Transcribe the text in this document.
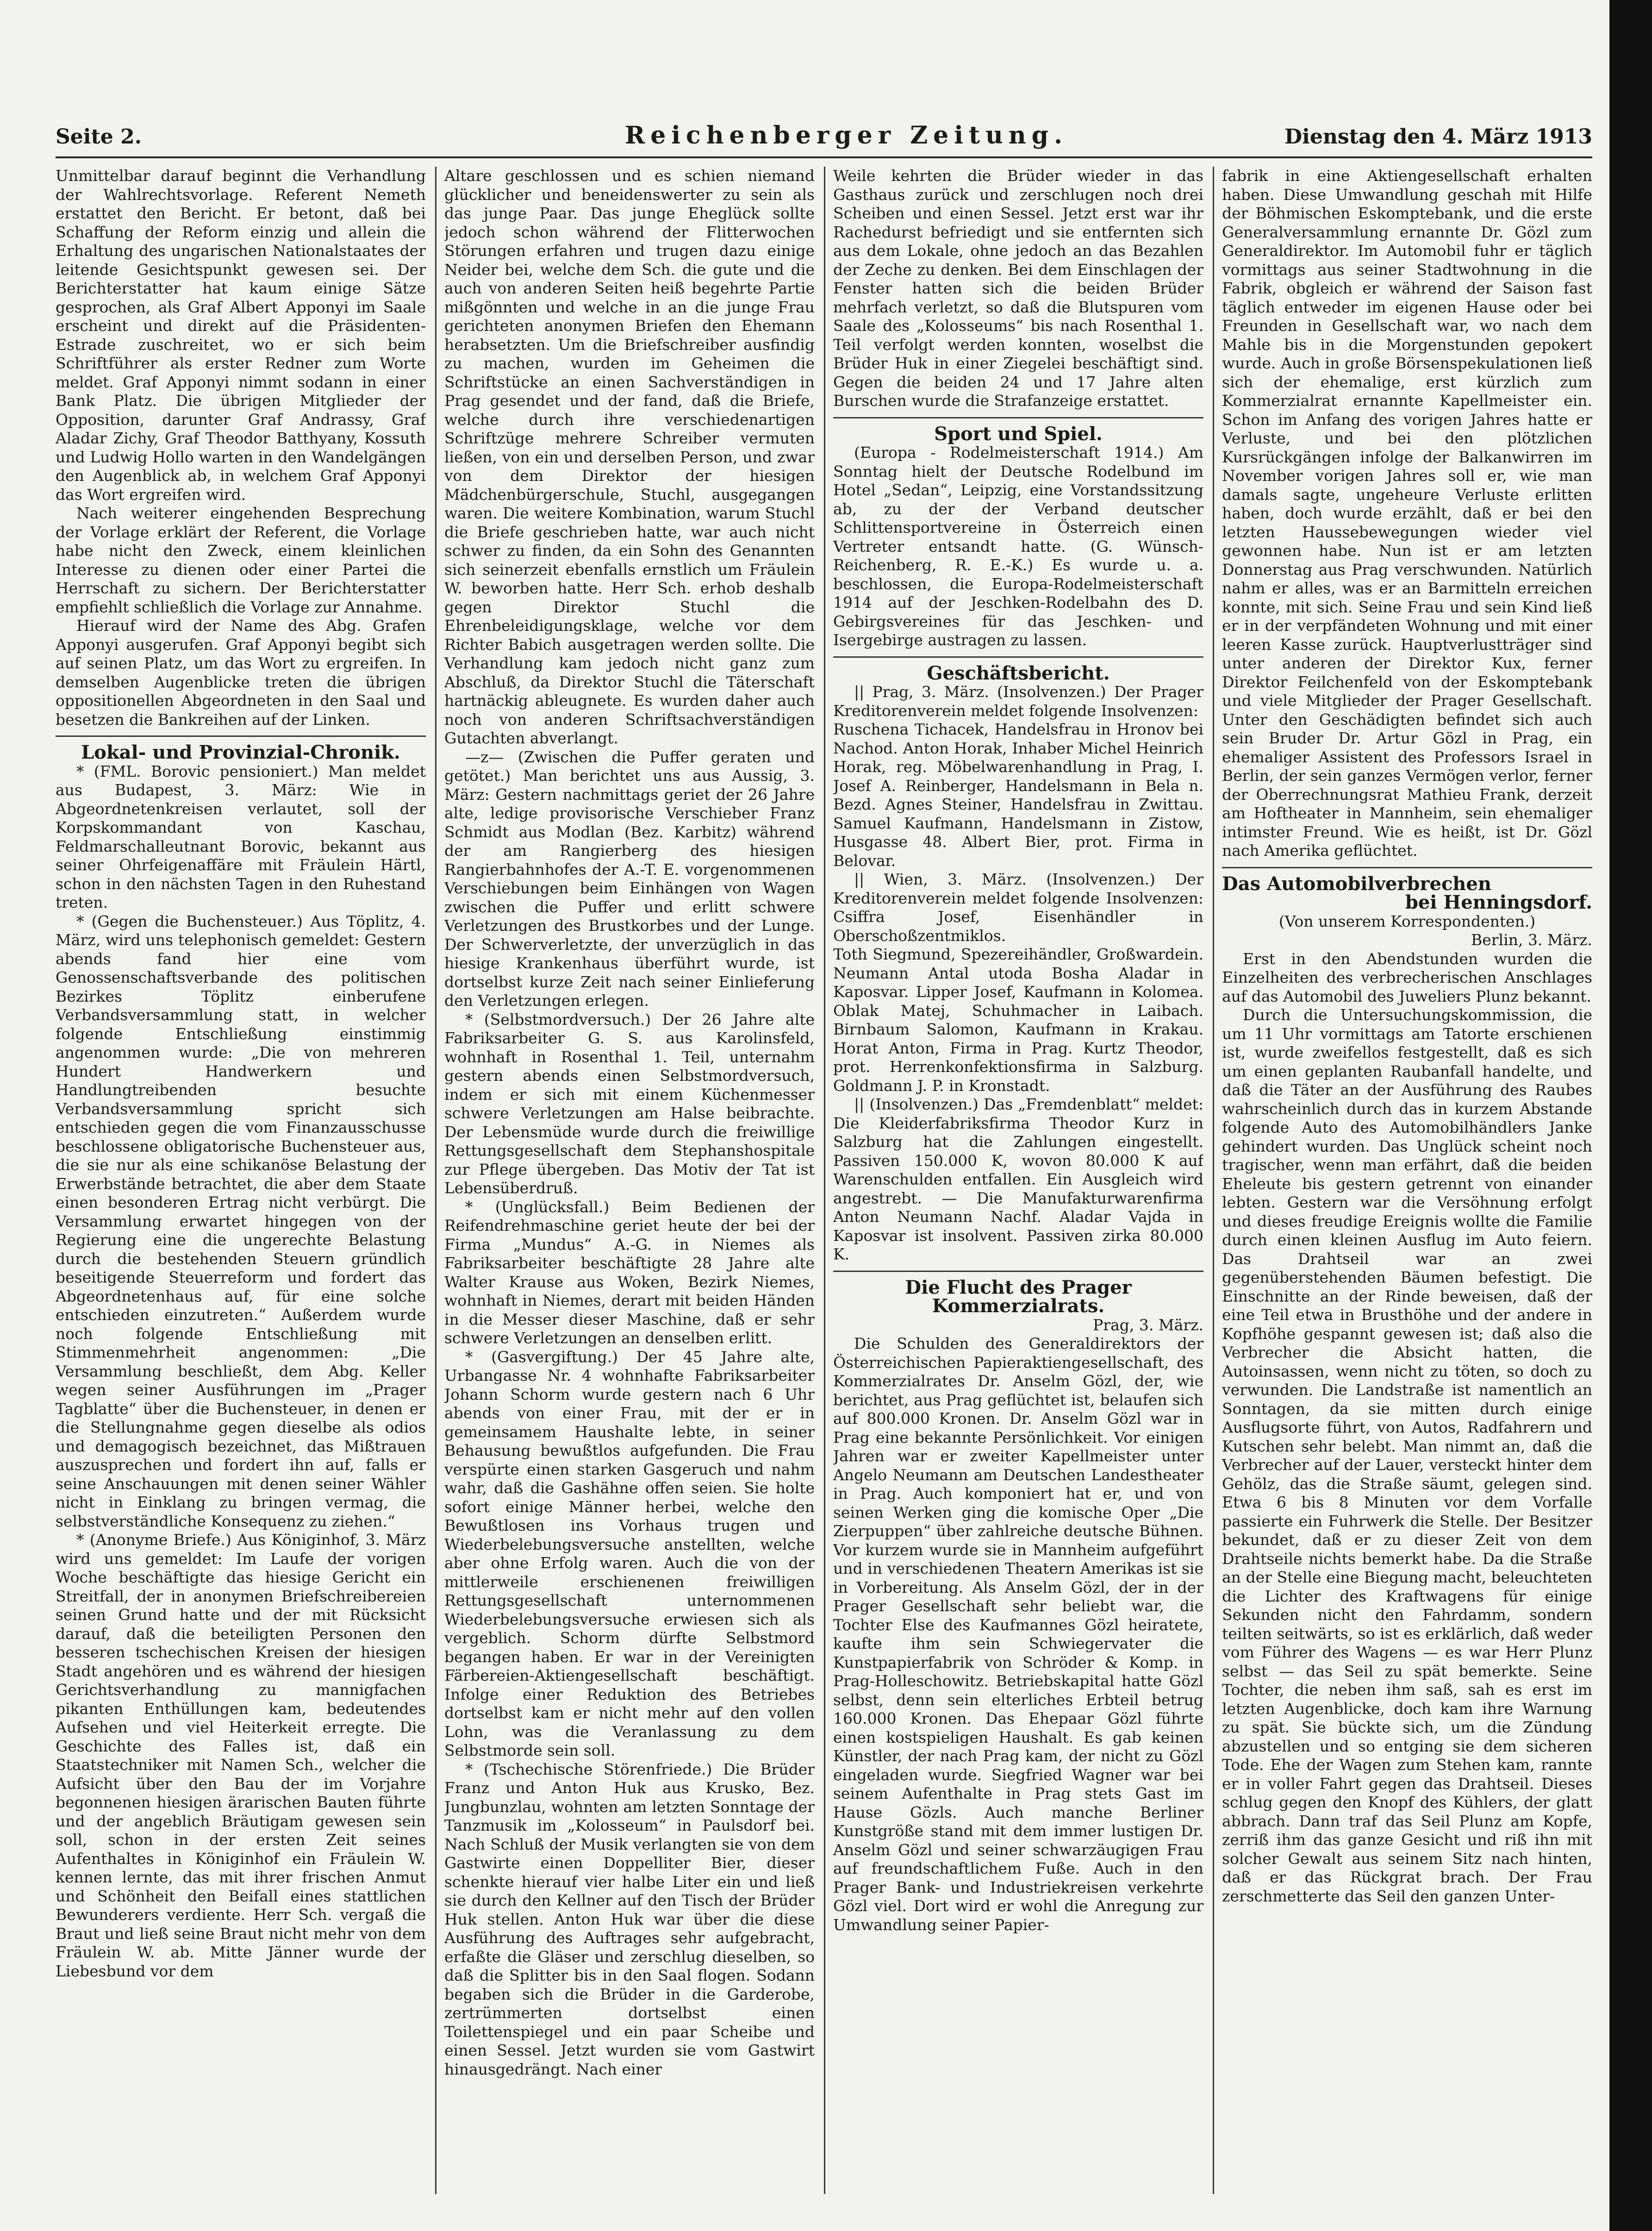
Seite 2.	Reichenberger Zeitung.	Dienstag den 4. März 1913

Unmittelbar darauf beginnt die Verhandlung der Wahlrechtsvorlage. Referent Nemeth erstattet den Bericht. Er betont, daß bei Schaffung der Reform einzig und allein die Erhaltung des ungarischen Nationalstaates der leitende Gesichtspunkt gewesen sei. Der Berichterstatter hat kaum einige Sätze gesprochen, als Graf Albert Apponyi im Saale erscheint und direkt auf die Präsidenten-Estrade zuschreitet, wo er sich beim Schriftführer als erster Redner zum Worte meldet. Graf Apponyi nimmt sodann in einer Bank Platz. Die übrigen Mitglieder der Opposition, darunter Graf Andrassy, Graf Aladar Zichy, Graf Theodor Batthyany, Kossuth und Ludwig Hollo warten in den Wandelgängen den Augenblick ab, in welchem Graf Apponyi das Wort ergreifen wird.

Nach weiterer eingehenden Besprechung der Vorlage erklärt der Referent, die Vorlage habe nicht den Zweck, einem kleinlichen Interesse zu dienen oder einer Partei die Herrschaft zu sichern. Der Berichterstatter empfiehlt schließlich die Vorlage zur Annahme.

Hierauf wird der Name des Abg. Grafen Apponyi ausgerufen. Graf Apponyi begibt sich auf seinen Platz, um das Wort zu ergreifen. In demselben Augenblicke treten die übrigen oppositionellen Abgeordneten in den Saal und besetzen die Bankreihen auf der Linken.

Lokal- und Provinzial-Chronik.

* (FML. Borovic pensioniert.) Man meldet aus Budapest, 3. März: Wie in Abgeordnetenkreisen verlautet, soll der Korpskommandant von Kaschau, Feldmarschalleutnant Borovic, bekannt aus seiner Ohrfeigenaffäre mit Fräulein Härtl, schon in den nächsten Tagen in den Ruhestand treten.

* (Gegen die Buchensteuer.) Aus Töplitz, 4. März, wird uns telephonisch gemeldet: Gestern abends fand hier eine vom Genossenschaftsverbande des politischen Bezirkes Töplitz einberufene Verbandsversammlung statt, in welcher folgende Entschließung einstimmig angenommen wurde: „Die von mehreren Hundert Handwerkern und Handlungtreibenden besuchte Verbandsversammlung spricht sich entschieden gegen die vom Finanzausschusse beschlossene obligatorische Buchensteuer aus, die sie nur als eine schikanöse Belastung der Erwerbstände betrachtet, die aber dem Staate einen besonderen Ertrag nicht verbürgt. Die Versammlung erwartet hingegen von der Regierung eine die ungerechte Belastung durch die bestehenden Steuern gründlich beseitigende Steuerreform und fordert das Abgeordnetenhaus auf, für eine solche entschieden einzutreten.“ Außerdem wurde noch folgende Entschließung mit Stimmenmehrheit angenommen: „Die Versammlung beschließt, dem Abg. Keller wegen seiner Ausführungen im „Prager Tagblatte“ über die Buchensteuer, in denen er die Stellungnahme gegen dieselbe als odios und demagogisch bezeichnet, das Mißtrauen auszusprechen und fordert ihn auf, falls er seine Anschauungen mit denen seiner Wähler nicht in Einklang zu bringen vermag, die selbstverständliche Konsequenz zu ziehen.“

* (Anonyme Briefe.) Aus Königinhof, 3. März wird uns gemeldet: Im Laufe der vorigen Woche beschäftigte das hiesige Gericht ein Streitfall, der in anonymen Briefschreibereien seinen Grund hatte und der mit Rücksicht darauf, daß die beteiligten Personen den besseren tschechischen Kreisen der hiesigen Stadt angehören und es während der hiesigen Gerichtsverhandlung zu mannigfachen pikanten Enthüllungen kam, bedeutendes Aufsehen und viel Heiterkeit erregte. Die Geschichte des Falles ist, daß ein Staatstechniker mit Namen Sch., welcher die Aufsicht über den Bau der im Vorjahre begonnenen hiesigen ärarischen Bauten führte und der angeblich Bräutigam gewesen sein soll, schon in der ersten Zeit seines Aufenthaltes in Königinhof ein Fräulein W. kennen lernte, das mit ihrer frischen Anmut und Schönheit den Beifall eines stattlichen Bewunderers verdiente. Herr Sch. vergaß die Braut und ließ seine Braut nicht mehr von dem Fräulein W. ab. Mitte Jänner wurde der Liebesbund vor dem

Altare geschlossen und es schien niemand glücklicher und beneidenswerter zu sein als das junge Paar. Das junge Eheglück sollte jedoch schon während der Flitterwochen Störungen erfahren und trugen dazu einige Neider bei, welche dem Sch. die gute und die auch von anderen Seiten heiß begehrte Partie mißgönnten und welche in an die junge Frau gerichteten anonymen Briefen den Ehemann herabsetzten. Um die Briefschreiber ausfindig zu machen, wurden im Geheimen die Schriftstücke an einen Sachverständigen in Prag gesendet und der fand, daß die Briefe, welche durch ihre verschiedenartigen Schriftzüge mehrere Schreiber vermuten ließen, von ein und derselben Person, und zwar von dem Direktor der hiesigen Mädchenbürgerschule, Stuchl, ausgegangen waren. Die weitere Kombination, warum Stuchl die Briefe geschrieben hatte, war auch nicht schwer zu finden, da ein Sohn des Genannten sich seinerzeit ebenfalls ernstlich um Fräulein W. beworben hatte. Herr Sch. erhob deshalb gegen Direktor Stuchl die Ehrenbeleidigungsklage, welche vor dem Richter Babich ausgetragen werden sollte. Die Verhandlung kam jedoch nicht ganz zum Abschluß, da Direktor Stuchl die Täterschaft hartnäckig ableugnete. Es wurden daher auch noch von anderen Schriftsachverständigen Gutachten abverlangt.

—z— (Zwischen die Puffer geraten und getötet.) Man berichtet uns aus Aussig, 3. März: Gestern nachmittags geriet der 26 Jahre alte, ledige provisorische Verschieber Franz Schmidt aus Modlan (Bez. Karbitz) während der am Rangierberg des hiesigen Rangierbahnhofes der A.-T. E. vorgenommenen Verschiebungen beim Einhängen von Wagen zwischen die Puffer und erlitt schwere Verletzungen des Brustkorbes und der Lunge. Der Schwerverletzte, der unverzüglich in das hiesige Krankenhaus überführt wurde, ist dortselbst kurze Zeit nach seiner Einlieferung den Verletzungen erlegen.

* (Selbstmordversuch.) Der 26 Jahre alte Fabriksarbeiter G. S. aus Karolinsfeld, wohnhaft in Rosenthal 1. Teil, unternahm gestern abends einen Selbstmordversuch, indem er sich mit einem Küchenmesser schwere Verletzungen am Halse beibrachte. Der Lebensmüde wurde durch die freiwillige Rettungsgesellschaft dem Stephanshospitale zur Pflege übergeben. Das Motiv der Tat ist Lebensüberdruß.

* (Unglücksfall.) Beim Bedienen der Reifendrehmaschine geriet heute der bei der Firma „Mundus“ A.-G. in Niemes als Fabriksarbeiter beschäftigte 28 Jahre alte Walter Krause aus Woken, Bezirk Niemes, wohnhaft in Niemes, derart mit beiden Händen in die Messer dieser Maschine, daß er sehr schwere Verletzungen an denselben erlitt.

* (Gasvergiftung.) Der 45 Jahre alte, Urbangasse Nr. 4 wohnhafte Fabriksarbeiter Johann Schorm wurde gestern nach 6 Uhr abends von einer Frau, mit der er in gemeinsamem Haushalte lebte, in seiner Behausung bewußtlos aufgefunden. Die Frau verspürte einen starken Gasgeruch und nahm wahr, daß die Gashähne offen seien. Sie holte sofort einige Männer herbei, welche den Bewußtlosen ins Vorhaus trugen und Wiederbelebungsversuche anstellten, welche aber ohne Erfolg waren. Auch die von der mittlerweile erschienenen freiwilligen Rettungsgesellschaft unternommenen Wiederbelebungsversuche erwiesen sich als vergeblich. Schorm dürfte Selbstmord begangen haben. Er war in der Vereinigten Färbereien-Aktiengesellschaft beschäftigt. Infolge einer Reduktion des Betriebes dortselbst kam er nicht mehr auf den vollen Lohn, was die Veranlassung zu dem Selbstmorde sein soll.

* (Tschechische Störenfriede.) Die Brüder Franz und Anton Huk aus Krusko, Bez. Jungbunzlau, wohnten am letzten Sonntage der Tanzmusik im „Kolosseum“ in Paulsdorf bei. Nach Schluß der Musik verlangten sie von dem Gastwirte einen Doppelliter Bier, dieser schenkte hierauf vier halbe Liter ein und ließ sie durch den Kellner auf den Tisch der Brüder Huk stellen. Anton Huk war über die diese Ausführung des Auftrages sehr aufgebracht, erfaßte die Gläser und zerschlug dieselben, so daß die Splitter bis in den Saal flogen. Sodann begaben sich die Brüder in die Garderobe, zertrümmerten dortselbst einen Toilettenspiegel und ein paar Scheibe und einen Sessel. Jetzt wurden sie vom Gastwirt hinausgedrängt. Nach einer

Weile kehrten die Brüder wieder in das Gasthaus zurück und zerschlugen noch drei Scheiben und einen Sessel. Jetzt erst war ihr Rachedurst befriedigt und sie entfernten sich aus dem Lokale, ohne jedoch an das Bezahlen der Zeche zu denken. Bei dem Einschlagen der Fenster hatten sich die beiden Brüder mehrfach verletzt, so daß die Blutspuren vom Saale des „Kolosseums“ bis nach Rosenthal 1. Teil verfolgt werden konnten, woselbst die Brüder Huk in einer Ziegelei beschäftigt sind. Gegen die beiden 24 und 17 Jahre alten Burschen wurde die Strafanzeige erstattet.

Sport und Spiel.

(Europa - Rodelmeisterschaft 1914.) Am Sonntag hielt der Deutsche Rodelbund im Hotel „Sedan“, Leipzig, eine Vorstandssitzung ab, zu der der Verband deutscher Schlittensportvereine in Österreich einen Vertreter entsandt hatte. (G. Wünsch-Reichenberg, R. E.-K.) Es wurde u. a. beschlossen, die Europa-Rodelmeisterschaft 1914 auf der Jeschken-Rodelbahn des D. Gebirgsvereines für das Jeschken- und Isergebirge austragen zu lassen.

Geschäftsbericht.

|| Prag, 3. März. (Insolvenzen.) Der Prager Kreditorenverein meldet folgende Insolvenzen:

Ruschena Tichacek, Handelsfrau in Hronov bei Nachod. Anton Horak, Inhaber Michel Heinrich Horak, reg. Möbelwarenhandlung in Prag, I. Josef A. Reinberger, Handelsmann in Bela n. Bezd. Agnes Steiner, Handelsfrau in Zwittau. Samuel Kaufmann, Handelsmann in Zistow, Husgasse 48. Albert Bier, prot. Firma in Belovar.

|| Wien, 3. März. (Insolvenzen.) Der Kreditorenverein meldet folgende Insolvenzen: Csiffra Josef, Eisenhändler in Oberschoßzentmiklos.

Toth Siegmund, Spezereihändler, Großwardein. Neumann Antal utoda Bosha Aladar in Kaposvar. Lipper Josef, Kaufmann in Kolomea. Oblak Matej, Schuhmacher in Laibach. Birnbaum Salomon, Kaufmann in Krakau. Horat Anton, Firma in Prag. Kurtz Theodor, prot. Herrenkonfektionsfirma in Salzburg. Goldmann J. P. in Kronstadt.

|| (Insolvenzen.) Das „Fremdenblatt“ meldet: Die Kleiderfabriksfirma Theodor Kurz in Salzburg hat die Zahlungen eingestellt. Passiven 150.000 K, wovon 80.000 K auf Warenschulden entfallen. Ein Ausgleich wird angestrebt. — Die Manufakturwarenfirma Anton Neumann Nachf. Aladar Vajda in Kaposvar ist insolvent. Passiven zirka 80.000 K.

Die Flucht des Prager Kommerzialrats.

Prag, 3. März.

Die Schulden des Generaldirektors der Österreichischen Papieraktiengesellschaft, des Kommerzialrates Dr. Anselm Gözl, der, wie berichtet, aus Prag geflüchtet ist, belaufen sich auf 800.000 Kronen. Dr. Anselm Gözl war in Prag eine bekannte Persönlichkeit. Vor einigen Jahren war er zweiter Kapellmeister unter Angelo Neumann am Deutschen Landestheater in Prag. Auch komponiert hat er, und von seinen Werken ging die komische Oper „Die Zierpuppen“ über zahlreiche deutsche Bühnen. Vor kurzem wurde sie in Mannheim aufgeführt und in verschiedenen Theatern Amerikas ist sie in Vorbereitung. Als Anselm Gözl, der in der Prager Gesellschaft sehr beliebt war, die Tochter Else des Kaufmannes Gözl heiratete, kaufte ihm sein Schwiegervater die Kunstpapierfabrik von Schröder & Komp. in Prag-Holleschowitz. Betriebskapital hatte Gözl selbst, denn sein elterliches Erbteil betrug 160.000 Kronen. Das Ehepaar Gözl führte einen kostspieligen Haushalt. Es gab keinen Künstler, der nach Prag kam, der nicht zu Gözl eingeladen wurde. Siegfried Wagner war bei seinem Aufenthalte in Prag stets Gast im Hause Gözls. Auch manche Berliner Kunstgröße stand mit dem immer lustigen Dr. Anselm Gözl und seiner schwarzäugigen Frau auf freundschaftlichem Fuße. Auch in den Prager Bank- und Industriekreisen verkehrte Gözl viel. Dort wird er wohl die Anregung zur Umwandlung seiner Papier-

fabrik in eine Aktiengesellschaft erhalten haben. Diese Umwandlung geschah mit Hilfe der Böhmischen Eskomptebank, und die erste Generalversammlung ernannte Dr. Gözl zum Generaldirektor. Im Automobil fuhr er täglich vormittags aus seiner Stadtwohnung in die Fabrik, obgleich er während der Saison fast täglich entweder im eigenen Hause oder bei Freunden in Gesellschaft war, wo nach dem Mahle bis in die Morgenstunden gepokert wurde. Auch in große Börsenspekulationen ließ sich der ehemalige, erst kürzlich zum Kommerzialrat ernannte Kapellmeister ein. Schon im Anfang des vorigen Jahres hatte er Verluste, und bei den plötzlichen Kursrückgängen infolge der Balkanwirren im November vorigen Jahres soll er, wie man damals sagte, ungeheure Verluste erlitten haben, doch wurde erzählt, daß er bei den letzten Haussebewegungen wieder viel gewonnen habe. Nun ist er am letzten Donnerstag aus Prag verschwunden. Natürlich nahm er alles, was er an Barmitteln erreichen konnte, mit sich. Seine Frau und sein Kind ließ er in der verpfändeten Wohnung und mit einer leeren Kasse zurück. Hauptverlustträger sind unter anderen der Direktor Kux, ferner Direktor Feilchenfeld von der Eskomptebank und viele Mitglieder der Prager Gesellschaft. Unter den Geschädigten befindet sich auch sein Bruder Dr. Artur Gözl in Prag, ein ehemaliger Assistent des Professors Israel in Berlin, der sein ganzes Vermögen verlor, ferner der Oberrechnungsrat Mathieu Frank, derzeit am Hoftheater in Mannheim, sein ehemaliger intimster Freund. Wie es heißt, ist Dr. Gözl nach Amerika geflüchtet.

Das Automobilverbrechen

bei Henningsdorf.

(Von unserem Korrespondenten.)

Berlin, 3. März.

Erst in den Abendstunden wurden die Einzelheiten des verbrecherischen Anschlages auf das Automobil des Juweliers Plunz bekannt.

Durch die Untersuchungskommission, die um 11 Uhr vormittags am Tatorte erschienen ist, wurde zweifellos festgestellt, daß es sich um einen geplanten Raubanfall handelte, und daß die Täter an der Ausführung des Raubes wahrscheinlich durch das in kurzem Abstande folgende Auto des Automobilhändlers Janke gehindert wurden. Das Unglück scheint noch tragischer, wenn man erfährt, daß die beiden Eheleute bis gestern getrennt von einander lebten. Gestern war die Versöhnung erfolgt und dieses freudige Ereignis wollte die Familie durch einen kleinen Ausflug im Auto feiern. Das Drahtseil war an zwei gegenüberstehenden Bäumen befestigt. Die Einschnitte an der Rinde beweisen, daß der eine Teil etwa in Brusthöhe und der andere in Kopfhöhe gespannt gewesen ist; daß also die Verbrecher die Absicht hatten, die Autoinsassen, wenn nicht zu töten, so doch zu verwunden. Die Landstraße ist namentlich an Sonntagen, da sie mitten durch einige Ausflugsorte führt, von Autos, Radfahrern und Kutschen sehr belebt. Man nimmt an, daß die Verbrecher auf der Lauer, versteckt hinter dem Gehölz, das die Straße säumt, gelegen sind. Etwa 6 bis 8 Minuten vor dem Vorfalle passierte ein Fuhrwerk die Stelle. Der Besitzer bekundet, daß er zu dieser Zeit von dem Drahtseile nichts bemerkt habe. Da die Straße an der Stelle eine Biegung macht, beleuchteten die Lichter des Kraftwagens für einige Sekunden nicht den Fahrdamm, sondern teilten seitwärts, so ist es erklärlich, daß weder vom Führer des Wagens — es war Herr Plunz selbst — das Seil zu spät bemerkte. Seine Tochter, die neben ihm saß, sah es erst im letzten Augenblicke, doch kam ihre Warnung zu spät. Sie bückte sich, um die Zündung abzustellen und so entging sie dem sicheren Tode. Ehe der Wagen zum Stehen kam, rannte er in voller Fahrt gegen das Drahtseil. Dieses schlug gegen den Knopf des Kühlers, der glatt abbrach. Dann traf das Seil Plunz am Kopfe, zerriß ihm das ganze Gesicht und riß ihn mit solcher Gewalt aus seinem Sitz nach hinten, daß er das Rückgrat brach. Der Frau zerschmetterte das Seil den ganzen Unter-
